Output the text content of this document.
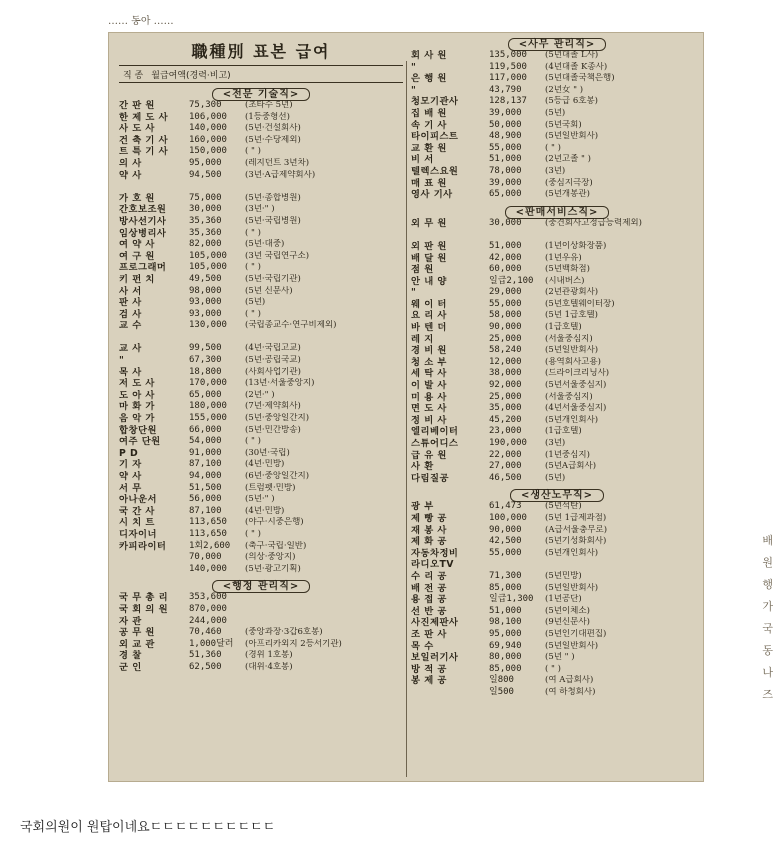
…… 동아 ……
職種別 표본 급여
직 종 월급여액(경력·비고)
<전문 기술직>
간 판 원	75,300	(초타수 5년)
한 제 도 사	106,000	(1등중형선)
사 도 사	140,000	(5년·건설회사)
건 축 기 사	160,000	(5년·수당제외)
트 특 기 사	150,000	( " )
의 사	95,000	(레지던트 3년차)
약 사	94,500	(3년·A급제약회사)
가 호 원	75,000	(5년·종합병원)
간호보조원	30,000	(3년·" )
방사선기사	35,360	(5년·국립병원)
임상병리사	35,360	( " )
여 약 사	82,000	(5년·대중)
여 구 원	105,000	(3년 국립연구소)
프로그래머	105,000	( " )
키 펀 치	49,500	(5년·국립기관)
사 서	98,000	(5년 신문사)
판 사	93,000	(5년)
검 사	93,000	( " )
교 수	130,000	(국립종교수·연구비제외)
교 사	99,500	(4년·국립고교)
"	67,300	(5년·공립국교)
목 사	18,800	(사회사업기관)
저 도 사	170,000	(13년·서울중앙지)
도 아 사	65,000	(2년·" )
마 화 가	180,000	(7년·제약회사)
음 악 가	155,000	(5년·중앙일간지)
합창단원	66,000	(5년·민간방송)
여주 단원	54,000	( " )
P D	91,000	(30년·국립)
기 자	87,100	(4년·민방)
약 사	94,000	(6년·중앙일간지)
서 무	51,500	(트럼펫·민방)
아나운서	56,000	(5년·" )
국 간 사	87,100	(4년·민방)
시 치 트	113,650	(야구·시중은행)
디자이너	113,650	( " )
카피라이터	1회2,600	(축구·국립·일반)
70,000	(의상·중앙지)
140,000	(5년·광고기획)
<행정 관리직>
국 무 총 리	353,600
국 회 의 원	870,000
자 관	244,000
공 무 원	70,460	(중앙과장·3갑6호봉)
외 교 관	1,000달러	(아프리카외지 2등서기관)
경 찰	51,360	(경위 1호봉)
군 인	62,500	(대위·4호봉)
<사무 관리직>
회 사 원	135,000	(5년대졸 L사)
"	119,500	(4년대졸 K종사)
은 행 원	117,000	(5년대졸국책은행)
"	43,790	(2년女 " )
청모기관사	128,137	(5등급 6호봉)
집 배 원	39,000	(5년)
속 기 사	50,000	(5년국회)
타이피스트	48,900	(5년일반회사)
교 환 원	55,000	( " )
비 서	51,000	(2년고졸 " )
텔렉스요원	78,000	(3년)
매 표 원	39,000	(중심지극장)
영사 기사	65,000	(5년개봉관)
<판매서비스직>
외 무 원	30,000	(중견회사고정급능력제외)
외 판 원	51,000	(1년이상화장품)
배 달 원	42,000	(1년우유)
점 원	60,000	(5년백화점)
안 내 양	일급2,100	(시내버스)
"	29,000	(2년관광회사)
웨 이 터	55,000	(5년호텔웨이터장)
요 리 사	58,000	(5년 1급호텔)
바 텐 더	90,000	(1급호텔)
레 지	25,000	(서울중심지)
경 비 원	58,240	(5년일반회사)
청 소 부	12,000	(용역회사고용)
세 탁 사	38,000	(드라이크리닝사)
이 발 사	92,000	(5년서울중심지)
미 용 사	25,000	(서울중심지)
면 도 사	35,000	(4년서울중심지)
정 비 사	45,200	(5년개인회사)
엘리베이터	23,000	(1급호텔)
스튜어디스	190,000	(3년)
급 유 원	22,000	(1년중심지)
사 환	27,000	(5년A급회사)
다림질공	46,500	(5년)
<생산노무직>
광 부	61,473	(5년석탄)
제 빵 공	100,000	(5년 1급제과점)
재 봉 사	90,000	(A급서울충무로)
제 화 공	42,500	(5년기성화회사)
자동차정비	55,000	(5년개인회사)
라디오TV
수 리 공	71,300	(5년민방)
배 전 공	85,000	(5년일반회사)
용 접 공	일급1,300	(1년공단)
선 반 공	51,000	(5년이체소)
사진제판사	98,100	(9년신문사)
조 판 사	95,000	(5년인기대편집)
목 수	69,940	(5년일반회사)
보일러기사	80,000	(5년 " )
방 적 공	85,000	( " )
봉 제 공	일800	(여 A급회사)
일500	(여 하청회사)
배
원
행
가
국
동
나
즈
국회의원이 원탑이네요ㄷㄷㄷㄷㄷㄷㄷㄷㄷㄷ
